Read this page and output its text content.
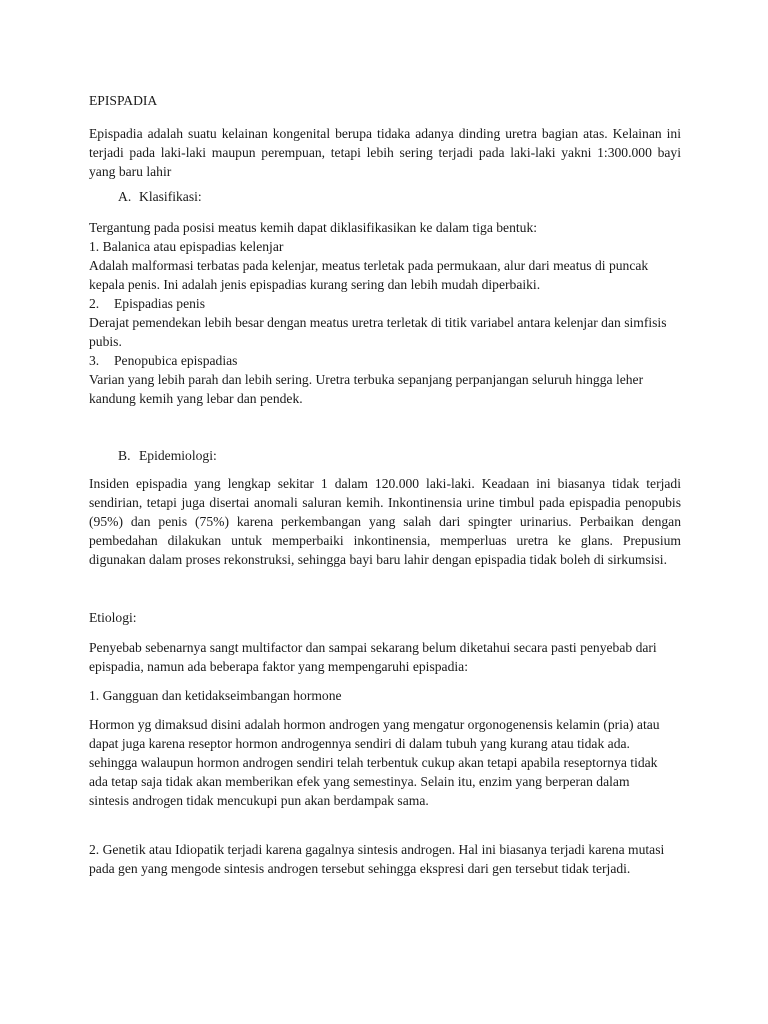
EPISPADIA

Epispadia adalah suatu kelainan kongenital berupa tidaka adanya dinding uretra bagian atas. Kelainan ini
terjadi pada laki-laki maupun perempuan, tetapi lebih sering terjadi pada laki-laki yakni 1:300.000 bayi
yang baru lahir

A. Klasifikasi:

Tergantung pada posisi meatus kemih dapat diklasifikasikan ke dalam tiga bentuk:
1. Balanica atau epispadias kelenjar
Adalah malformasi terbatas pada kelenjar, meatus terletak pada permukaan, alur dari meatus di puncak
kepala penis. Ini adalah jenis epispadias kurang sering dan lebih mudah diperbaiki.
2. Epispadias penis
Derajat pemendekan lebih besar dengan meatus uretra terletak di titik variabel antara kelenjar dan simfisis
pubis.
3. Penopubica epispadias
Varian yang lebih parah dan lebih sering. Uretra terbuka sepanjang perpanjangan seluruh hingga leher
kandung kemih yang lebar dan pendek.

B. Epidemiologi:

Insiden epispadia yang lengkap sekitar 1 dalam 120.000 laki-laki. Keadaan ini biasanya tidak terjadi
sendirian, tetapi juga disertai anomali saluran kemih. Inkontinensia urine timbul pada epispadia penopubis
(95%) dan penis (75%) karena perkembangan yang salah dari spingter urinarius. Perbaikan dengan
pembedahan dilakukan untuk memperbaiki inkontinensia, memperluas uretra ke glans. Prepusium
digunakan dalam proses rekonstruksi, sehingga bayi baru lahir dengan epispadia tidak boleh di sirkumsisi.

Etiologi:

Penyebab sebenarnya sangt multifactor dan sampai sekarang belum diketahui secara pasti penyebab dari
epispadia, namun ada beberapa faktor yang mempengaruhi epispadia:

1. Gangguan dan ketidakseimbangan hormone

Hormon yg dimaksud disini adalah hormon androgen yang mengatur orgonogenensis kelamin (pria) atau
dapat juga karena reseptor hormon androgennya sendiri di dalam tubuh yang kurang atau tidak ada.
sehingga walaupun hormon androgen sendiri telah terbentuk cukup akan tetapi apabila reseptornya tidak
ada tetap saja tidak akan memberikan efek yang semestinya. Selain itu, enzim yang berperan dalam
sintesis androgen tidak mencukupi pun akan berdampak sama.

2. Genetik atau Idiopatik terjadi karena gagalnya sintesis androgen. Hal ini biasanya terjadi karena mutasi
pada gen yang mengode sintesis androgen tersebut sehingga ekspresi dari gen tersebut tidak terjadi.
